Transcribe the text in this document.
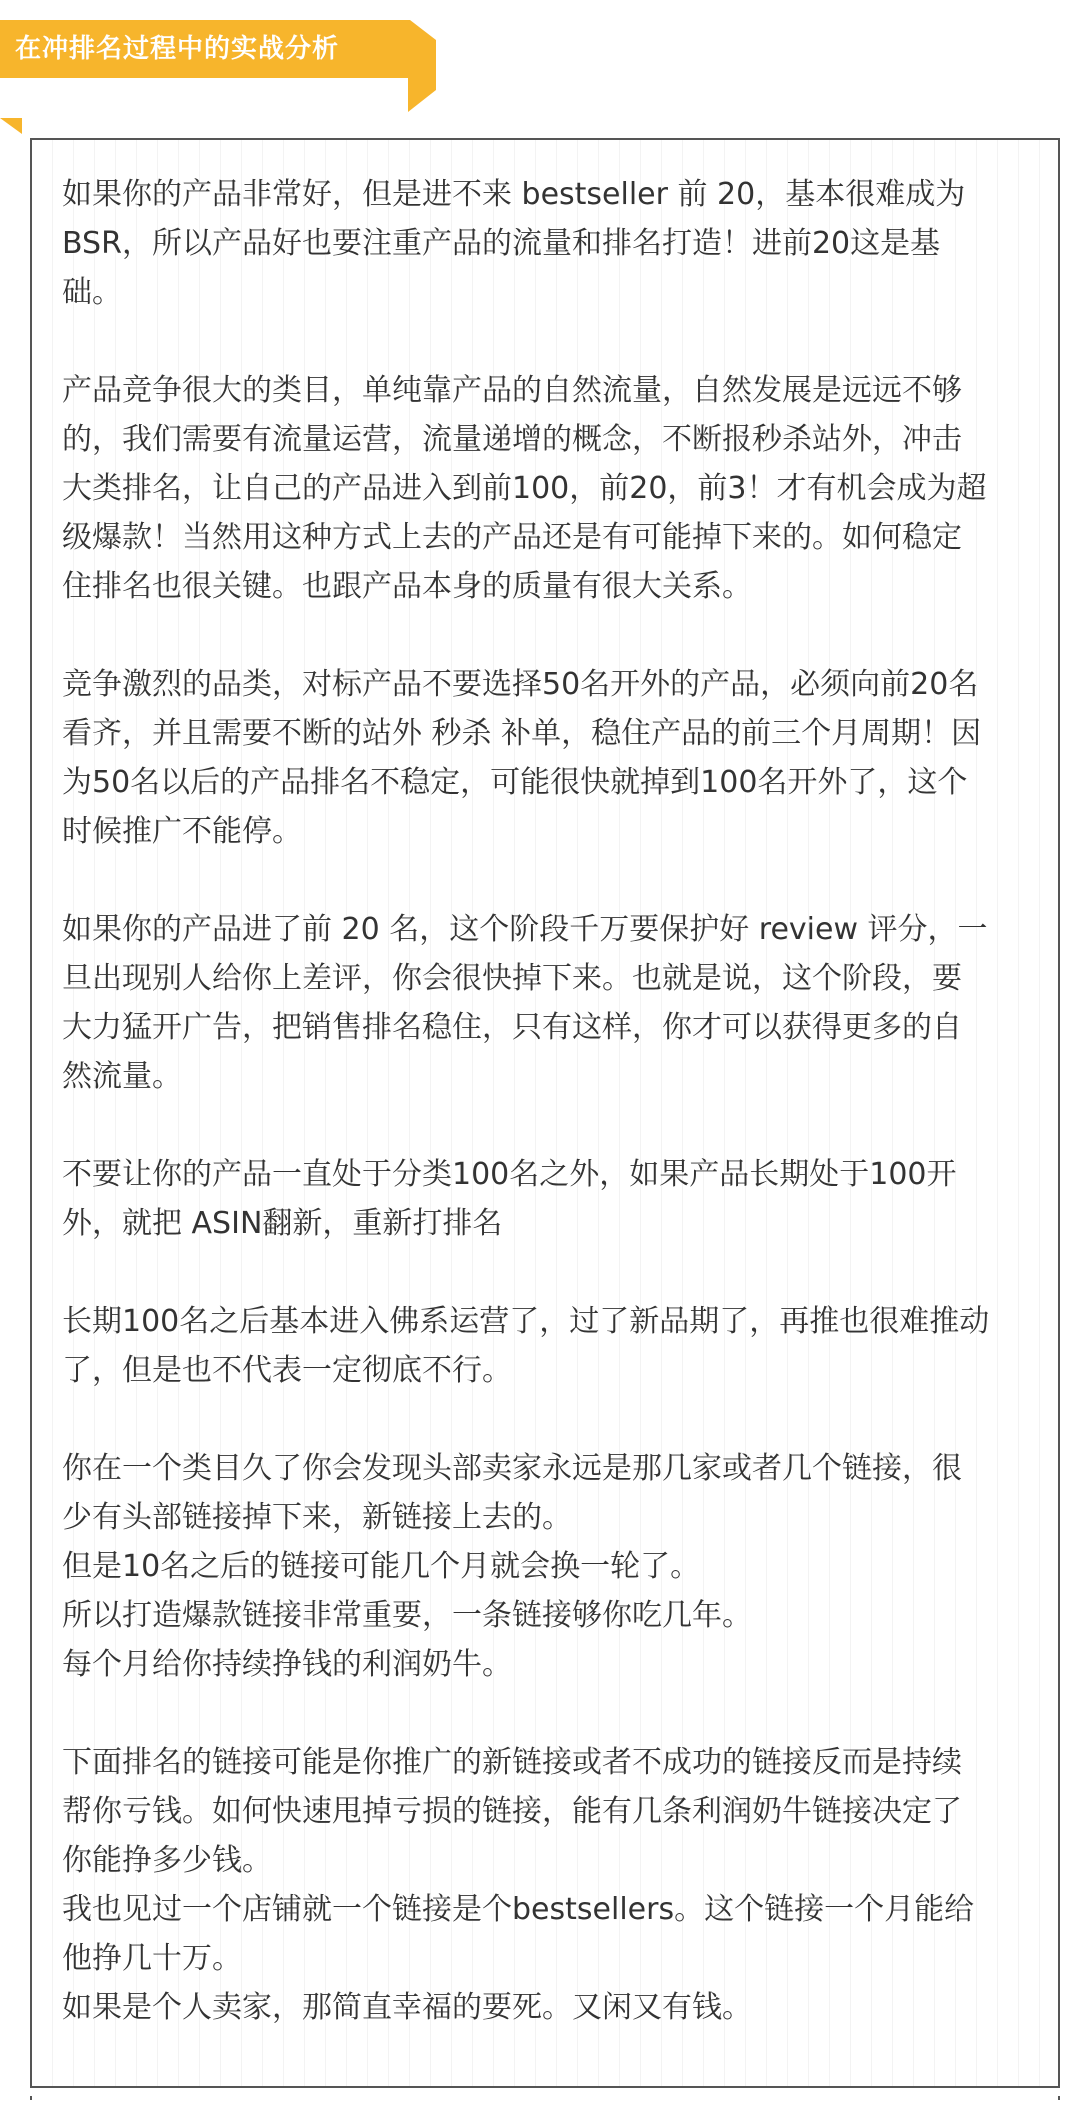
在冲排名过程中的实战分析
如果你的产品非常好，但是进不来 bestseller 前 20，基本很难成为
BSR，所以产品好也要注重产品的流量和排名打造！进前20这是基
础。
产品竞争很大的类目，单纯靠产品的自然流量，自然发展是远远不够
的，我们需要有流量运营，流量递增的概念，不断报秒杀站外，冲击
大类排名，让自己的产品进入到前100，前20，前3！才有机会成为超
级爆款！当然用这种方式上去的产品还是有可能掉下来的。如何稳定
住排名也很关键。也跟产品本身的质量有很大关系。
竞争激烈的品类，对标产品不要选择50名开外的产品，必须向前20名
看齐，并且需要不断的站外 秒杀 补单，稳住产品的前三个月周期！因
为50名以后的产品排名不稳定，可能很快就掉到100名开外了，这个
时候推广不能停。
如果你的产品进了前 20 名，这个阶段千万要保护好 review 评分，一
旦出现别人给你上差评，你会很快掉下来。也就是说，这个阶段，要
大力猛开广告，把销售排名稳住，只有这样，你才可以获得更多的自
然流量。
不要让你的产品一直处于分类100名之外，如果产品长期处于100开
外，就把 ASIN翻新，重新打排名
长期100名之后基本进入佛系运营了，过了新品期了，再推也很难推动
了，但是也不代表一定彻底不行。
你在一个类目久了你会发现头部卖家永远是那几家或者几个链接，很
少有头部链接掉下来，新链接上去的。
但是10名之后的链接可能几个月就会换一轮了。
所以打造爆款链接非常重要，一条链接够你吃几年。
每个月给你持续挣钱的利润奶牛。
下面排名的链接可能是你推广的新链接或者不成功的链接反而是持续
帮你亏钱。如何快速甩掉亏损的链接，能有几条利润奶牛链接决定了
你能挣多少钱。
我也见过一个店铺就一个链接是个bestsellers。这个链接一个月能给
他挣几十万。
如果是个人卖家，那简直幸福的要死。又闲又有钱。
